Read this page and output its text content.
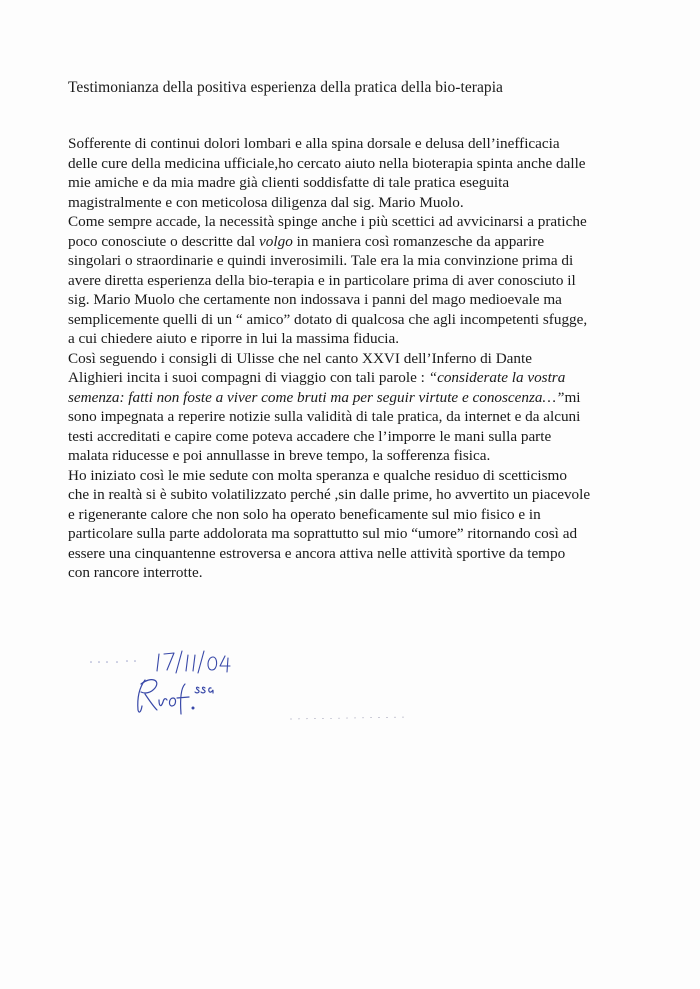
Testimonianza della positiva esperienza della pratica della bio-terapia
Sofferente di continui dolori lombari e alla spina dorsale e delusa dell’inefficacia
delle cure della medicina ufficiale,ho cercato aiuto nella bioterapia spinta anche dalle
mie amiche e da mia madre già clienti soddisfatte di tale pratica eseguita
magistralmente e con meticolosa diligenza dal sig. Mario Muolo.
Come sempre accade, la necessità spinge anche i più scettici ad avvicinarsi a pratiche
poco conosciute o descritte dal volgo in maniera così romanzesche da apparire
singolari o straordinarie e quindi inverosimili. Tale era la mia convinzione prima di
avere diretta esperienza della bio-terapia e in particolare prima di aver conosciuto il
sig. Mario Muolo che certamente non indossava i panni del mago medioevale ma
semplicemente quelli di un “ amico” dotato di qualcosa che agli incompetenti sfugge,
a cui chiedere aiuto e riporre in lui la massima fiducia.
Così seguendo i consigli di Ulisse che nel canto XXVI dell’Inferno di Dante
Alighieri incita i suoi compagni di viaggio con tali parole : “considerate la vostra
semenza: fatti non foste a viver come bruti ma per seguir virtute e conoscenza…”mi
sono impegnata a reperire notizie sulla validità di tale pratica, da internet e da alcuni
testi accreditati e capire come poteva accadere che l’imporre le mani sulla parte
malata riducesse e poi annullasse in breve tempo, la sofferenza fisica.
Ho iniziato così le mie sedute con molta speranza e qualche residuo di scetticismo
che in realtà si è subito volatilizzato perché ,sin dalle prime, ho avvertito un piacevole
e rigenerante calore che non solo ha operato beneficamente sul mio fisico e in
particolare sulla parte addolorata ma soprattutto sul mio “umore” ritornando così ad
essere una cinquantenne estroversa e ancora attiva nelle attività sportive da tempo
con rancore interrotte.
